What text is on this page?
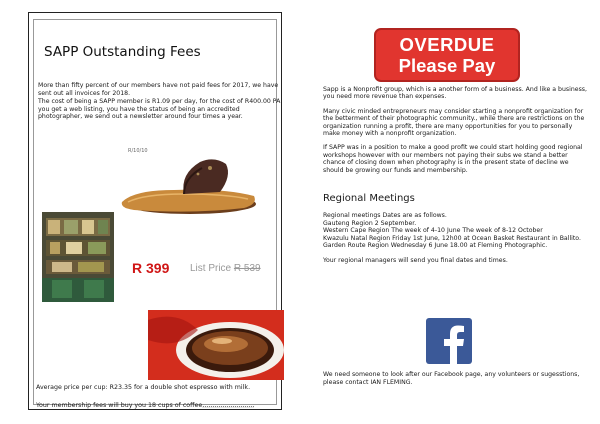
SAPP Outstanding Fees

More than fifty percent of our members have not paid fees for 2017, we have sent out all invoices for 2018.

The cost of being a SAPP member is R1.09 per day, for the cost of R400.00 PA you get a web listing, you have the status of being an accredited photographer, we send out a newsletter around four times a year.

R/10/10
R 399 List Price R 539
Average price per cup: R23.35 for a double shot espresso with milk.
Your membership fees will buy you 18 cups of coffee,,,,,,,,,,,,,,,,,,,,,,,,,,
OVERDUE
Please Pay

Sapp is a Nonprofit group, which is a another form of a business. And like a business, you need more revenue than expenses.

Many civic minded entrepreneurs may consider starting a nonprofit organization for the betterment of their photographic community., while there are restrictions on the organization running a profit, there are many opportunities for you to personally make money with a nonprofit organization.

If SAPP was in a position to make a good profit we could start holding good regional workshops however with our members not paying their subs we stand a better chance of closing down when photography is in the present state of decline we should be growing our funds and membership.

Regional Meetings
Regional meetings Dates are as follows.
Gauteng Region 2 September.
Western Cape Region The week of 4-10 June The week of 8-12 October
Kwazulu Natal Region Friday 1st June, 12h00 at Ocean Basket Restaurant in Ballito.
Garden Route Region Wednesday 6 June 18.00 at Fleming Photographic.
Your regional managers will send you final dates and times.
We need someone to look after our Facebook page, any volunteers or sugesstions, please contact IAN FLEMING.
